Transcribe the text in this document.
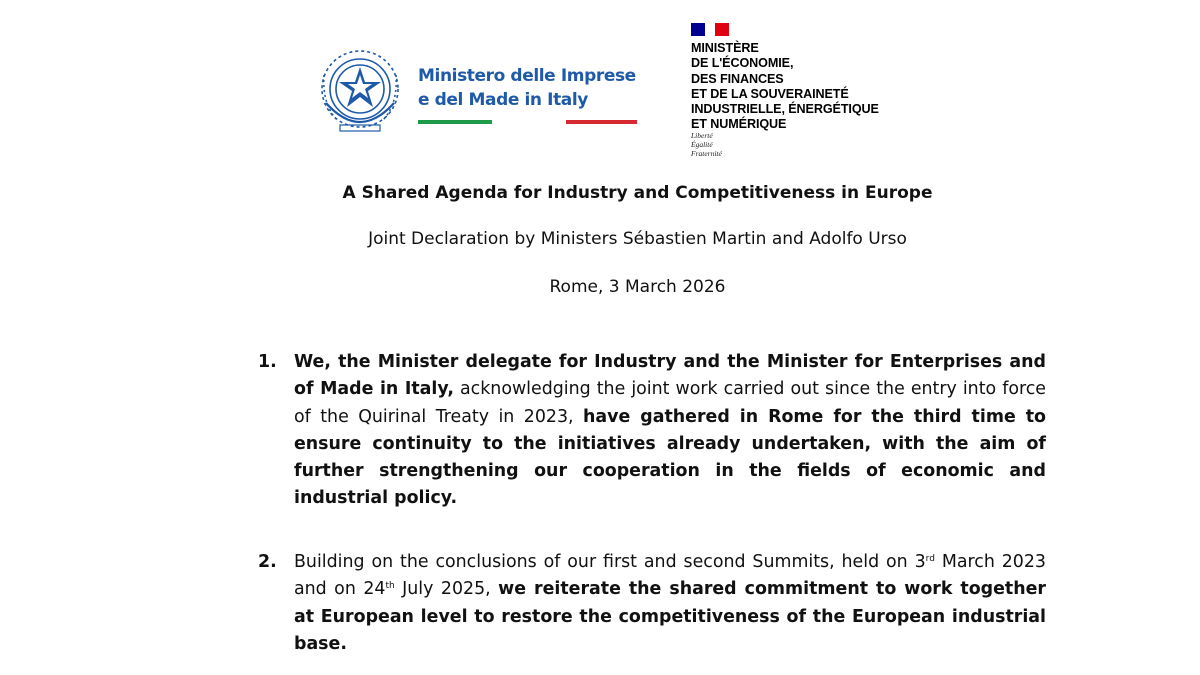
Ministero delle Imprese
e del Made in Italy
MINISTÈRE
DE L'ÉCONOMIE,
DES FINANCES
ET DE LA SOUVERAINETÉ
INDUSTRIELLE, ÉNERGÉTIQUE
ET NUMÉRIQUE
Liberté
Égalité
Fraternité
A Shared Agenda for Industry and Competitiveness in Europe
Joint Declaration by Ministers Sébastien Martin and Adolfo Urso
Rome, 3 March 2026
1. We, the Minister delegate for Industry and the Minister for Enterprises and of Made in Italy, acknowledging the joint work carried out since the entry into force of the Quirinal Treaty in 2023, have gathered in Rome for the third time to ensure continuity to the initiatives already undertaken, with the aim of further strengthening our cooperation in the fields of economic and industrial policy.
2. Building on the conclusions of our first and second Summits, held on 3rd March 2023 and on 24th July 2025, we reiterate the shared commitment to work together at European level to restore the competitiveness of the European industrial base.
